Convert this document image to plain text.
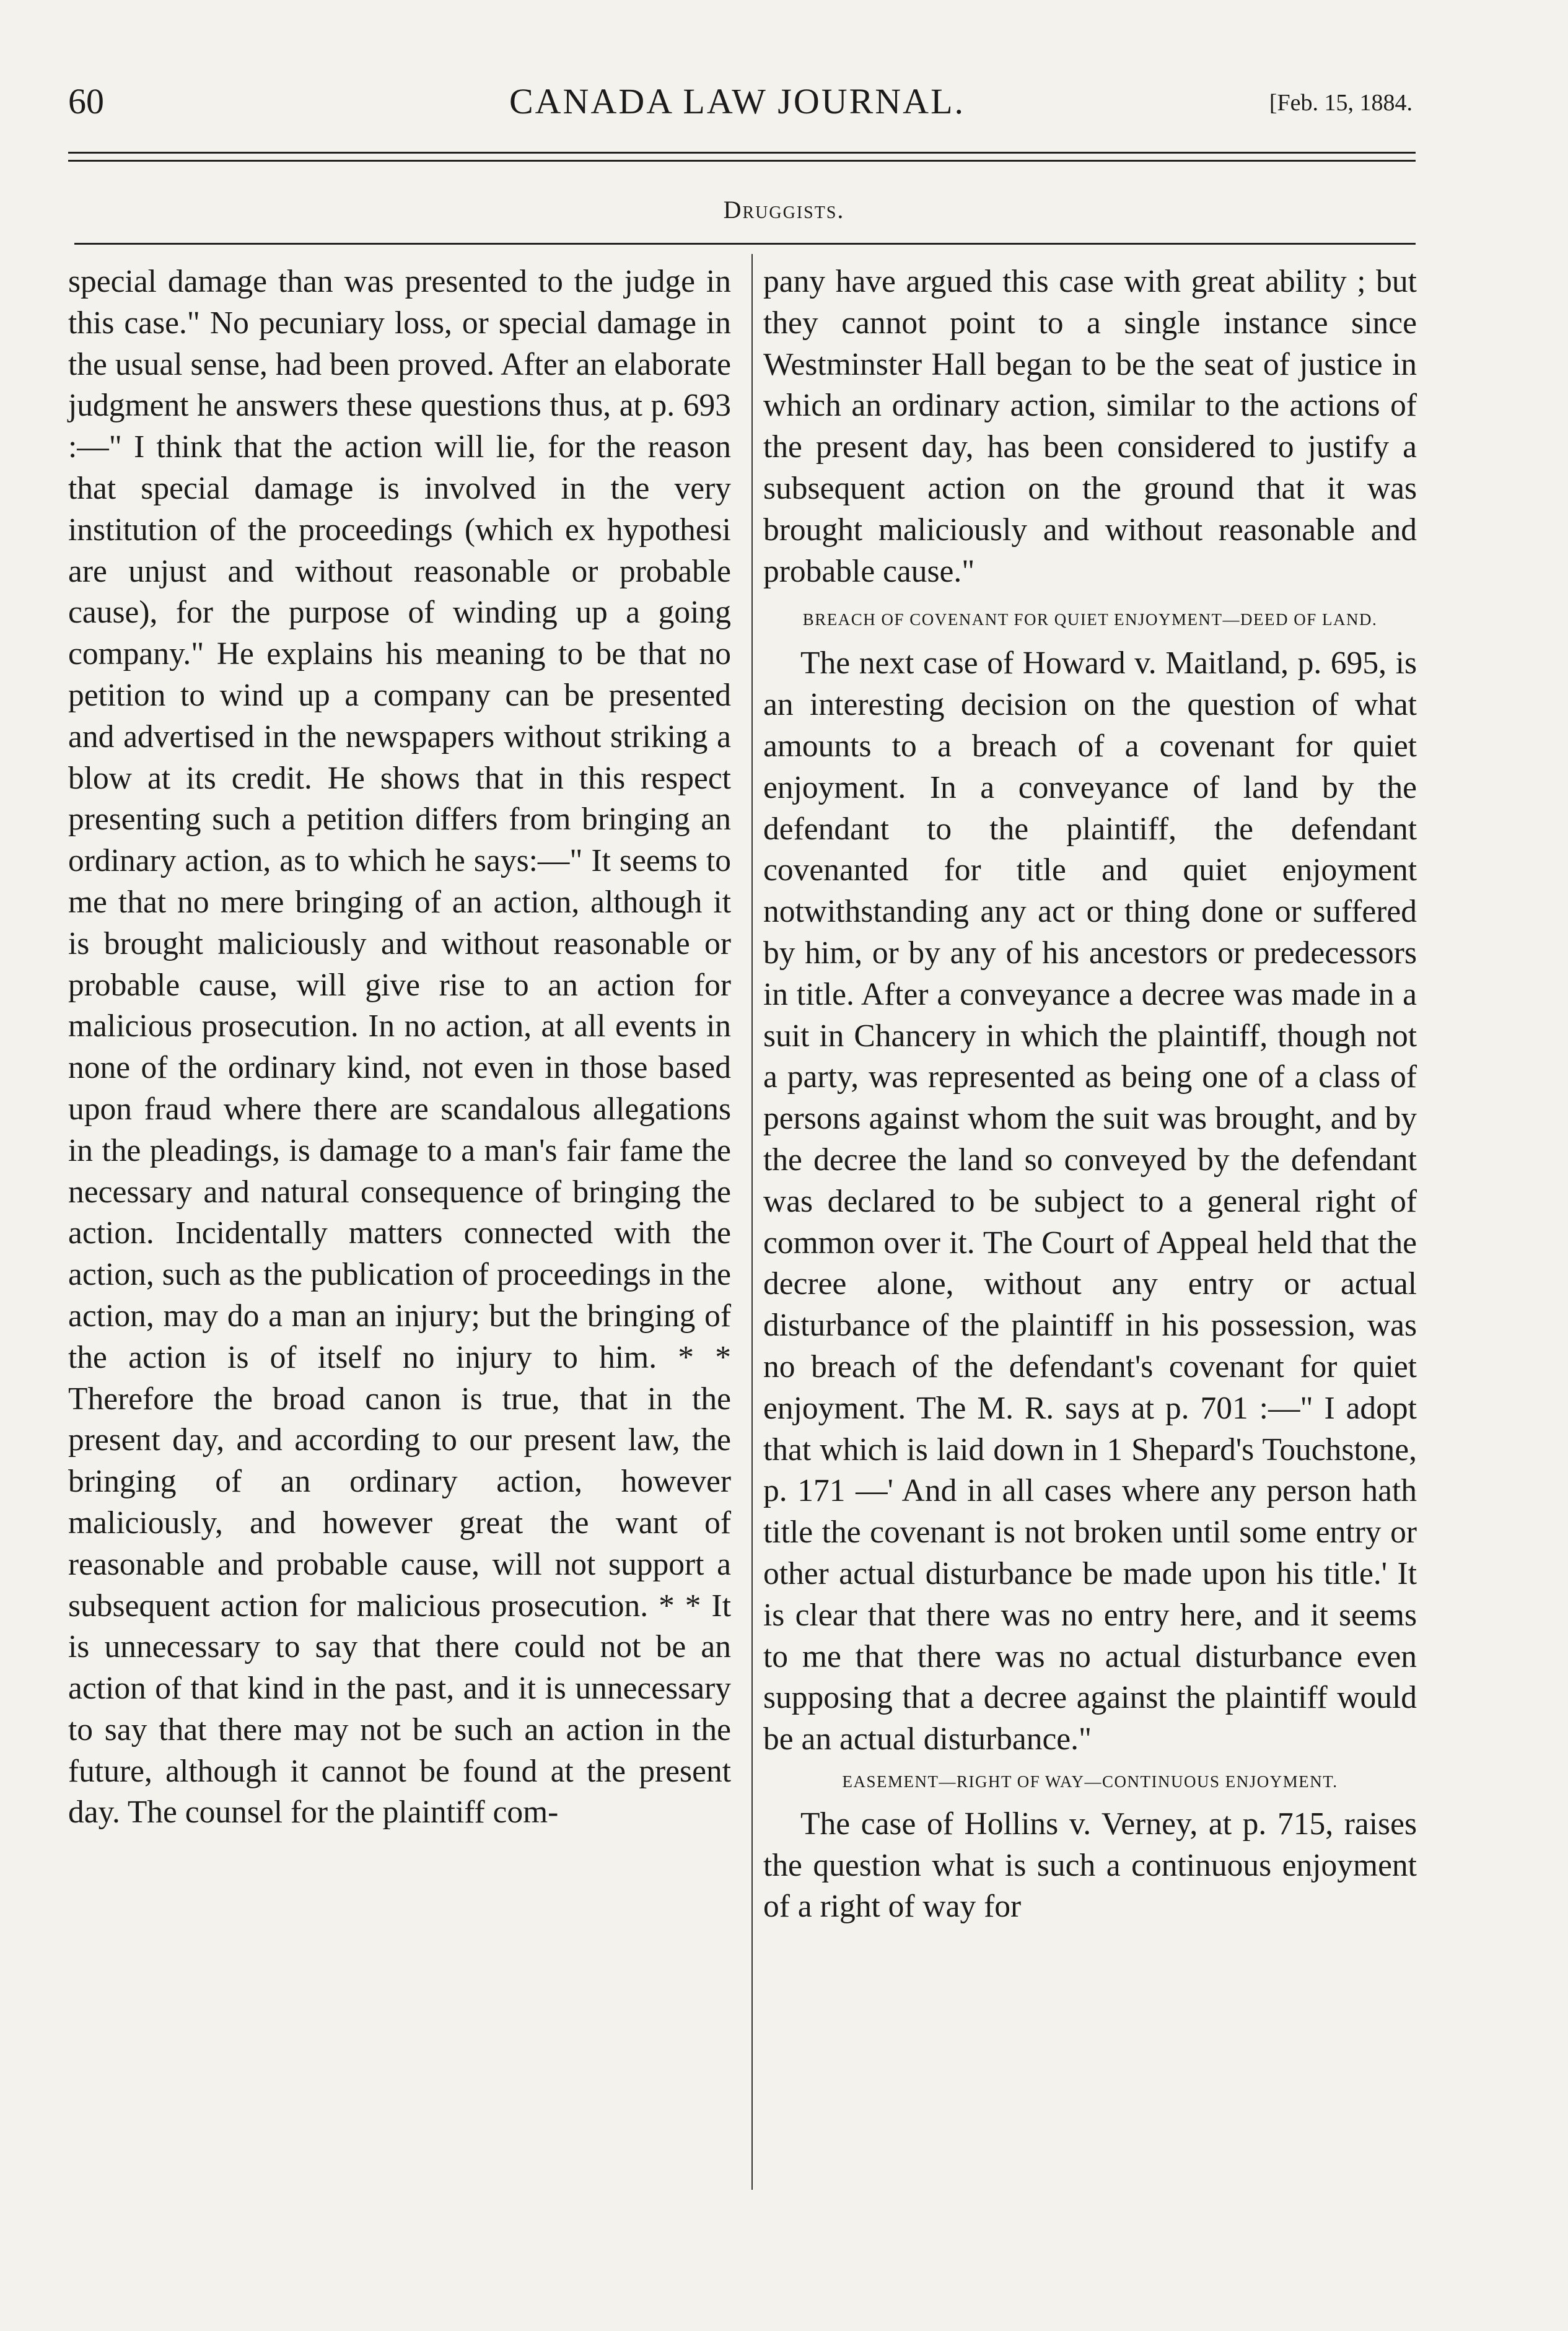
60	CANADA LAW JOURNAL.	[Feb. 15, 1884.
Druggists.

special damage than was presented to the judge in this case." No pecuniary loss, or special damage in the usual sense, had been proved. After an elaborate judgment he answers these questions thus, at p. 693 :—" I think that the action will lie, for the reason that special damage is involved in the very institution of the proceedings (which ex hypothesi are unjust and without reasonable or probable cause), for the purpose of winding up a going company." He explains his meaning to be that no petition to wind up a company can be presented and advertised in the newspapers without striking a blow at its credit. He shows that in this respect presenting such a petition differs from bringing an ordinary action, as to which he says:—" It seems to me that no mere bringing of an action, although it is brought maliciously and without reasonable or probable cause, will give rise to an action for malicious prosecution. In no action, at all events in none of the ordinary kind, not even in those based upon fraud where there are scandalous allegations in the pleadings, is damage to a man's fair fame the necessary and natural consequence of bringing the action. Incidentally matters connected with the action, such as the publication of proceedings in the action, may do a man an injury; but the bringing of the action is of itself no injury to him. * * Therefore the broad canon is true, that in the present day, and according to our present law, the bringing of an ordinary action, however maliciously, and however great the want of reasonable and probable cause, will not support a subsequent action for malicious prosecution. * * It is unnecessary to say that there could not be an action of that kind in the past, and it is unnecessary to say that there may not be such an action in the future, although it cannot be found at the present day. The counsel for the plaintiff com-

pany have argued this case with great ability ; but they cannot point to a single instance since Westminster Hall began to be the seat of justice in which an ordinary action, similar to the actions of the present day, has been considered to justify a subsequent action on the ground that it was brought maliciously and without reasonable and probable cause."

BREACH OF COVENANT FOR QUIET ENJOYMENT—DEED OF LAND.

The next case of Howard v. Maitland, p. 695, is an interesting decision on the question of what amounts to a breach of a covenant for quiet enjoyment. In a conveyance of land by the defendant to the plaintiff, the defendant covenanted for title and quiet enjoyment notwithstanding any act or thing done or suffered by him, or by any of his ancestors or predecessors in title. After a conveyance a decree was made in a suit in Chancery in which the plaintiff, though not a party, was represented as being one of a class of persons against whom the suit was brought, and by the decree the land so conveyed by the defendant was declared to be subject to a general right of common over it. The Court of Appeal held that the decree alone, without any entry or actual disturbance of the plaintiff in his possession, was no breach of the defendant's covenant for quiet enjoyment. The M. R. says at p. 701 :—" I adopt that which is laid down in 1 Shepard's Touchstone, p. 171 —' And in all cases where any person hath title the covenant is not broken until some entry or other actual disturbance be made upon his title.' It is clear that there was no entry here, and it seems to me that there was no actual disturbance even supposing that a decree against the plaintiff would be an actual disturbance."

EASEMENT—RIGHT OF WAY—CONTINUOUS ENJOYMENT.

The case of Hollins v. Verney, at p. 715, raises the question what is such a continuous enjoyment of a right of way for
